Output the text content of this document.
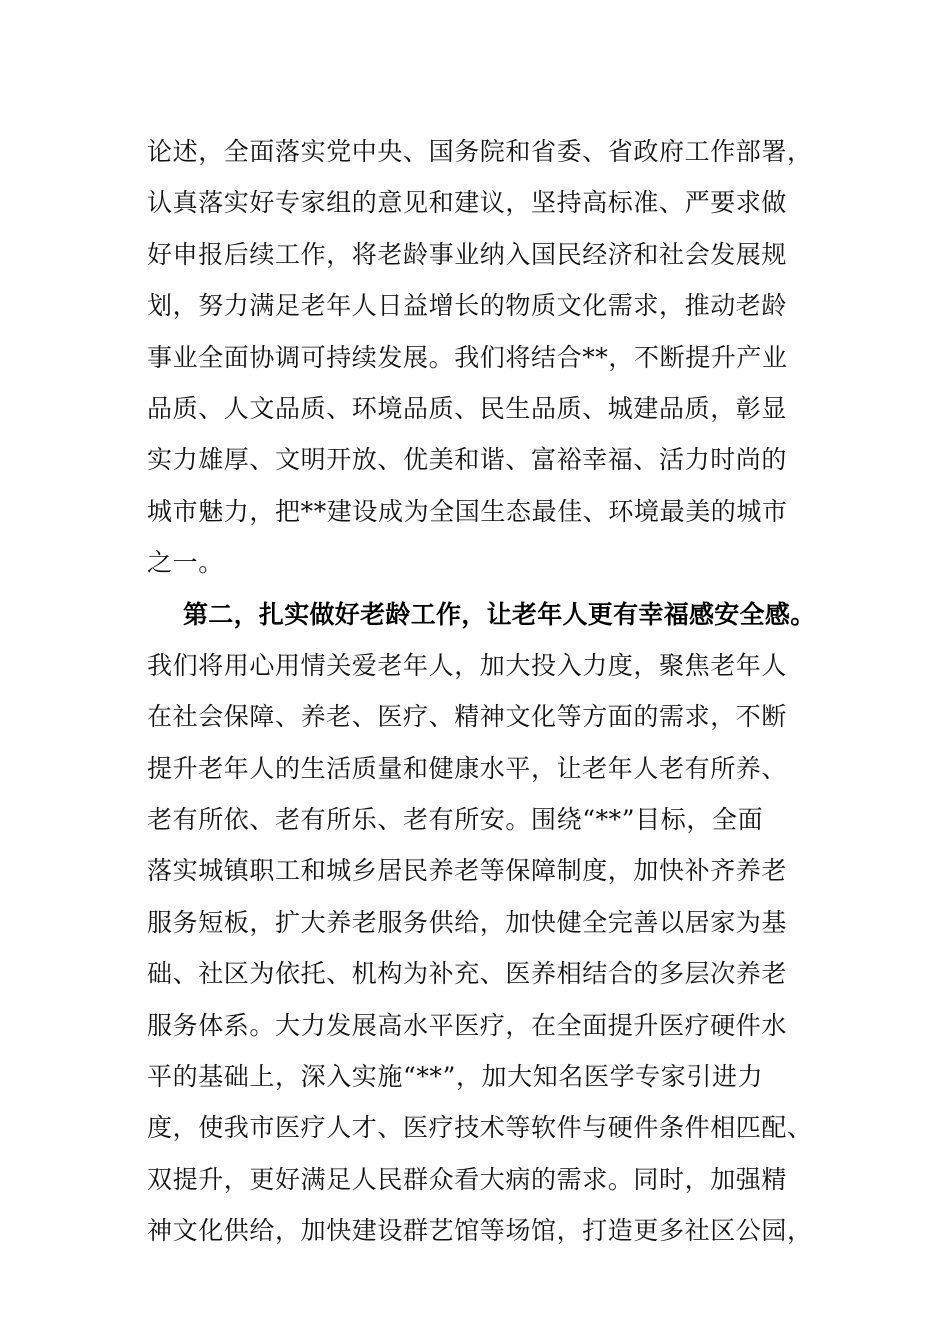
论述，全面落实党中央、国务院和省委、省政府工作部署，
认真落实好专家组的意见和建议，坚持高标准、严要求做
好申报后续工作，将老龄事业纳入国民经济和社会发展规
划，努力满足老年人日益增长的物质文化需求，推动老龄
事业全面协调可持续发展。我们将结合**，不断提升产业
品质、人文品质、环境品质、民生品质、城建品质，彰显
实力雄厚、文明开放、优美和谐、富裕幸福、活力时尚的
城市魅力，把**建设成为全国生态最佳、环境最美的城市
之一。
第二，扎实做好老龄工作，让老年人更有幸福感安全感。
我们将用心用情关爱老年人，加大投入力度，聚焦老年人
在社会保障、养老、医疗、精神文化等方面的需求，不断
提升老年人的生活质量和健康水平，让老年人老有所养、
老有所依、老有所乐、老有所安。围绕“**”目标，全面
落实城镇职工和城乡居民养老等保障制度，加快补齐养老
服务短板，扩大养老服务供给，加快健全完善以居家为基
础、社区为依托、机构为补充、医养相结合的多层次养老
服务体系。大力发展高水平医疗，在全面提升医疗硬件水
平的基础上，深入实施“**”，加大知名医学专家引进力
度，使我市医疗人才、医疗技术等软件与硬件条件相匹配、
双提升，更好满足人民群众看大病的需求。同时，加强精
神文化供给，加快建设群艺馆等场馆，打造更多社区公园，
